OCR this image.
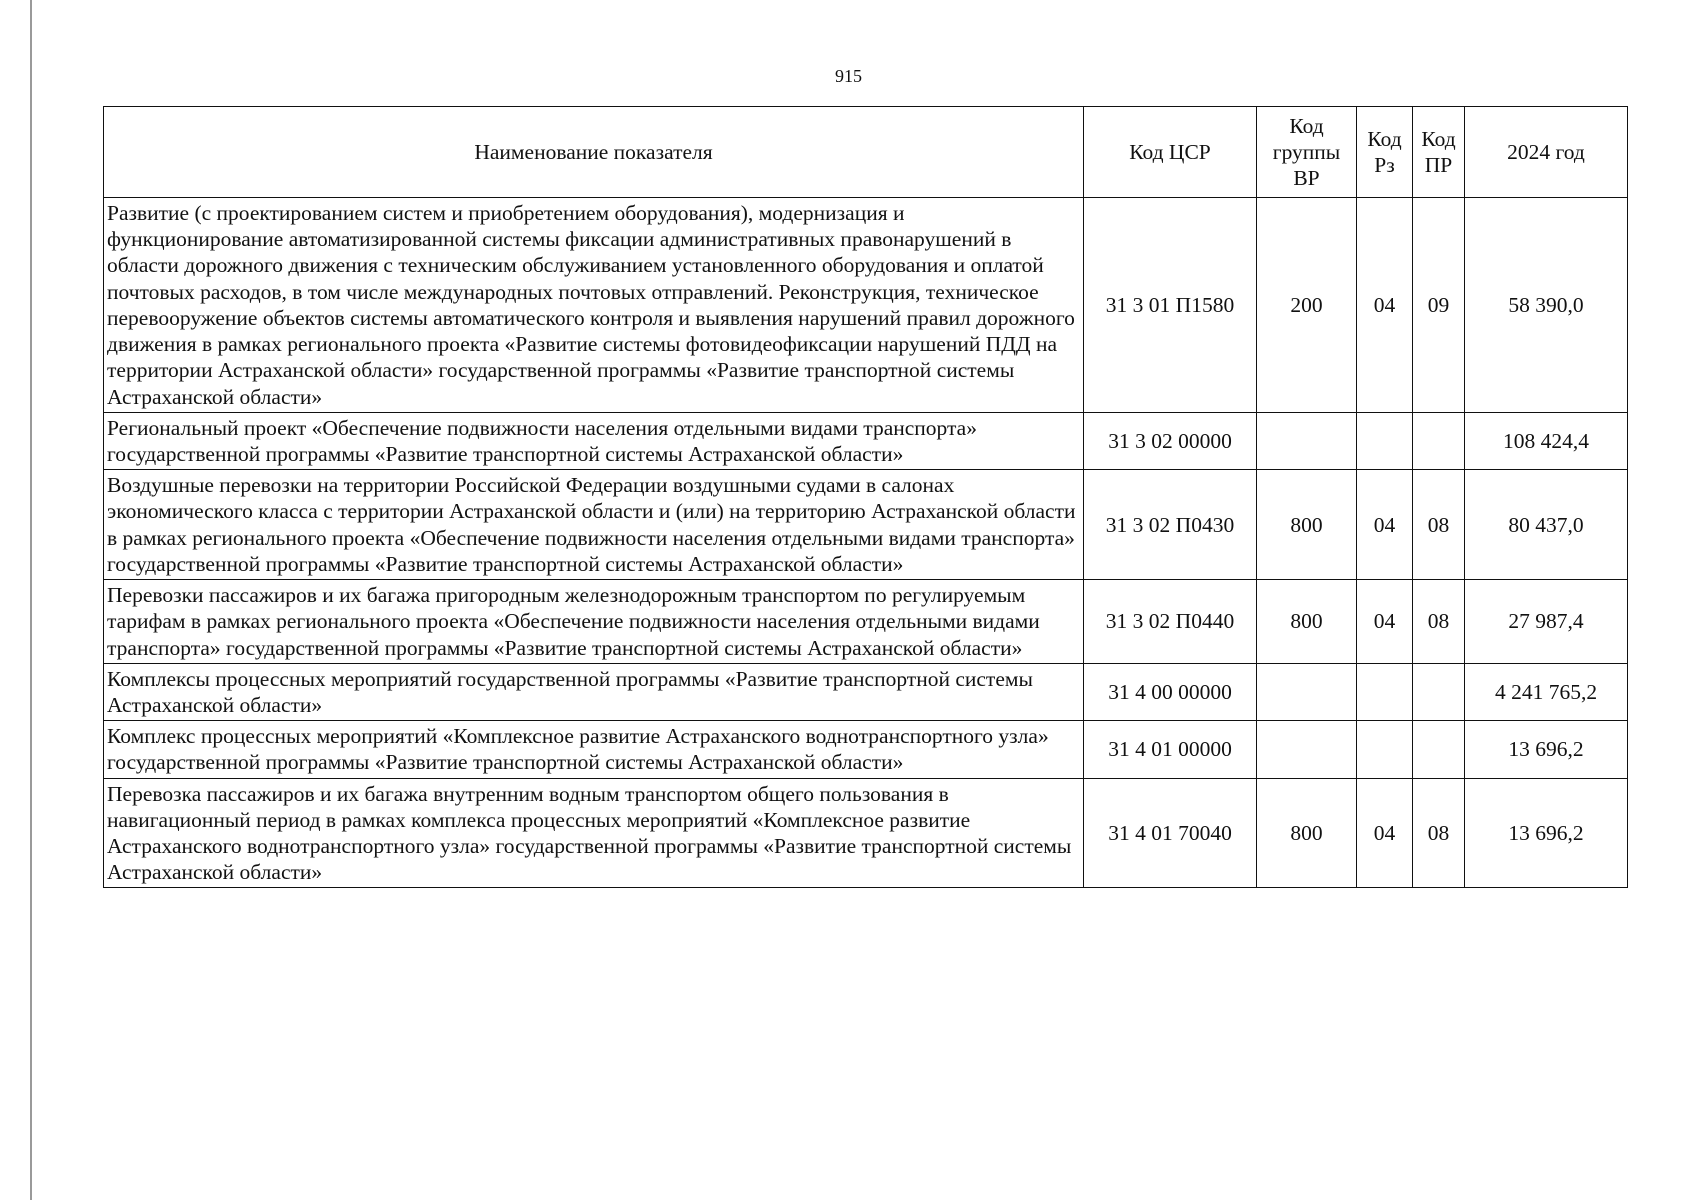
915
Наименование показателя	Код ЦСР	Код группы ВР	Код Рз	Код ПР	2024 год
Развитие (с проектированием систем и приобретением оборудования), модернизация и функционирование автоматизированной системы фиксации административных правонарушений в области дорожного движения с техническим обслуживанием установленного оборудования и оплатой почтовых расходов, в том числе международных почтовых отправлений. Реконструкция, техническое перевооружение объектов системы автоматического контроля и выявления нарушений правил дорожного движения в рамках регионального проекта «Развитие системы фотовидеофиксации нарушений ПДД на территории Астраханской области» государственной программы «Развитие транспортной системы Астраханской области»	31 3 01 П1580	200	04	09	58 390,0
Региональный проект «Обеспечение подвижности населения отдельными видами транспорта» государственной программы «Развитие транспортной системы Астраханской области»	31 3 02 00000				108 424,4
Воздушные перевозки на территории Российской Федерации воздушными судами в салонах экономического класса с территории Астраханской области и (или) на территорию Астраханской области в рамках регионального проекта «Обеспечение подвижности населения отдельными видами транспорта» государственной программы «Развитие транспортной системы Астраханской области»	31 3 02 П0430	800	04	08	80 437,0
Перевозки пассажиров и их багажа пригородным железнодорожным транспортом по регулируемым тарифам в рамках регионального проекта «Обеспечение подвижности населения отдельными видами транспорта» государственной программы «Развитие транспортной системы Астраханской области»	31 3 02 П0440	800	04	08	27 987,4
Комплексы процессных мероприятий государственной программы «Развитие транспортной системы Астраханской области»	31 4 00 00000				4 241 765,2
Комплекс процессных мероприятий «Комплексное развитие Астраханского воднотранспортного узла» государственной программы «Развитие транспортной системы Астраханской области»	31 4 01 00000				13 696,2
Перевозка пассажиров и их багажа внутренним водным транспортом общего пользования в навигационный период в рамках комплекса процессных мероприятий «Комплексное развитие Астраханского воднотранспортного узла» государственной программы «Развитие транспортной системы Астраханской области»	31 4 01 70040	800	04	08	13 696,2
